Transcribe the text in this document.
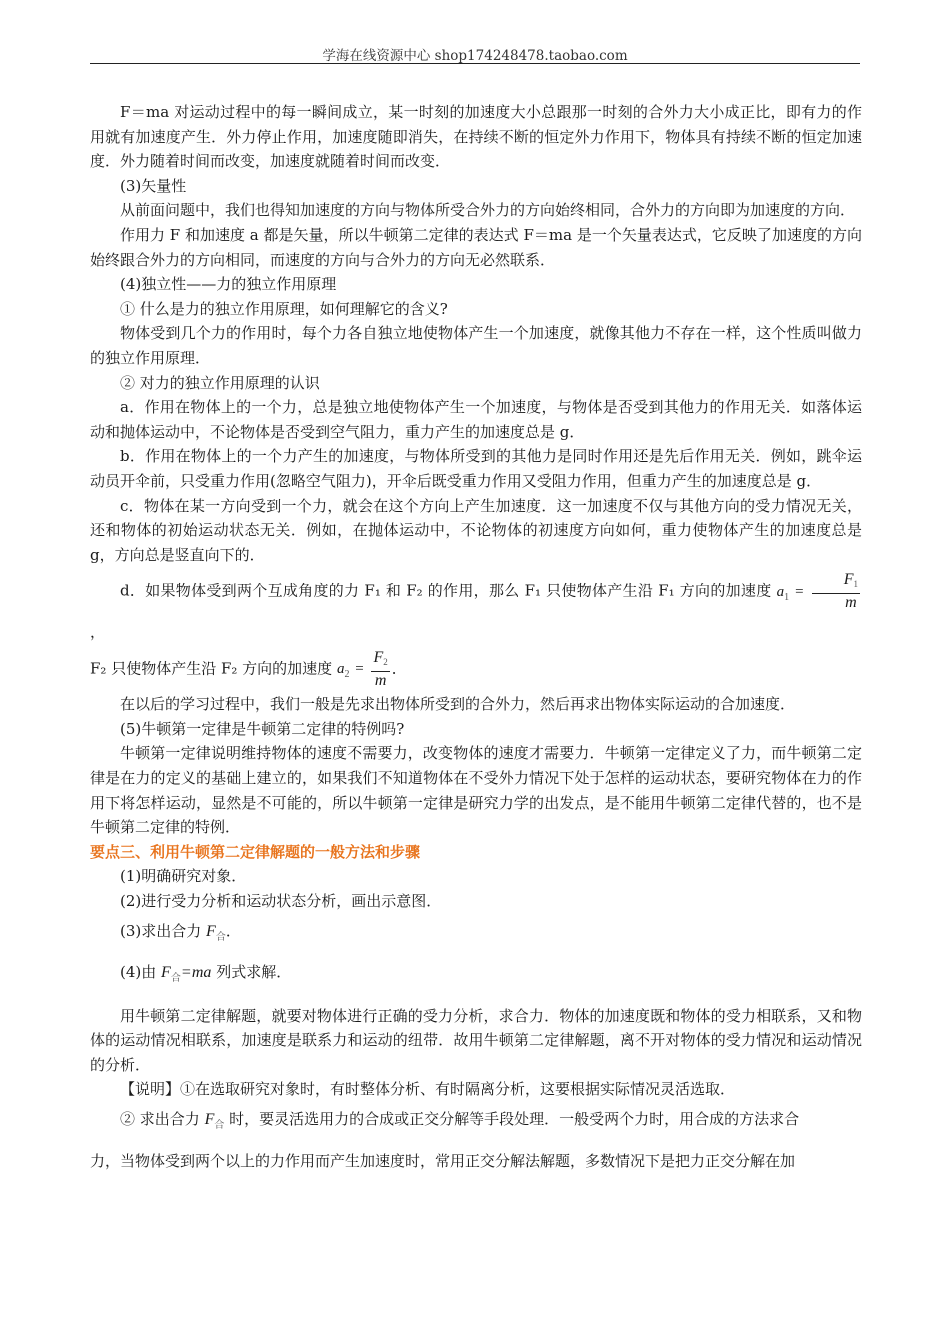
学海在线资源中心 shop174248478.taobao.com

F＝ma 对运动过程中的每一瞬间成立，某一时刻的加速度大小总跟那一时刻的合外力大小成正比，即有力的作用就有加速度产生．外力停止作用，加速度随即消失，在持续不断的恒定外力作用下，物体具有持续不断的恒定加速度．外力随着时间而改变，加速度就随着时间而改变．

(3)矢量性

从前面问题中，我们也得知加速度的方向与物体所受合外力的方向始终相同，合外力的方向即为加速度的方向．

作用力 F 和加速度 a 都是矢量，所以牛顿第二定律的表达式 F＝ma 是一个矢量表达式，它反映了加速度的方向始终跟合外力的方向相同，而速度的方向与合外力的方向无必然联系．

(4)独立性——力的独立作用原理

① 什么是力的独立作用原理，如何理解它的含义?

物体受到几个力的作用时，每个力各自独立地使物体产生一个加速度，就像其他力不存在一样，这个性质叫做力的独立作用原理．

② 对力的独立作用原理的认识

a．作用在物体上的一个力，总是独立地使物体产生一个加速度，与物体是否受到其他力的作用无关．如落体运动和抛体运动中，不论物体是否受到空气阻力，重力产生的加速度总是 g．

b．作用在物体上的一个力产生的加速度，与物体所受到的其他力是同时作用还是先后作用无关．例如，跳伞运动员开伞前，只受重力作用(忽略空气阻力)，开伞后既受重力作用又受阻力作用，但重力产生的加速度总是 g．

c．物体在某一方向受到一个力，就会在这个方向上产生加速度．这一加速度不仅与其他方向的受力情况无关，还和物体的初始运动状态无关．例如，在抛体运动中，不论物体的初速度方向如何，重力使物体产生的加速度总是 g，方向总是竖直向下的．

d．如果物体受到两个互成角度的力 F₁ 和 F₂ 的作用，那么 F₁ 只使物体产生沿 F₁ 方向的加速度 $a_1 = \frac{F_1}{m}$
，

F₂ 只使物体产生沿 F₂ 方向的加速度 $a_2 = \frac{F_2}{m}$ ．

在以后的学习过程中，我们一般是先求出物体所受到的合外力，然后再求出物体实际运动的合加速度．

(5)牛顿第一定律是牛顿第二定律的特例吗?

牛顿第一定律说明维持物体的速度不需要力，改变物体的速度才需要力．牛顿第一定律定义了力，而牛顿第二定律是在力的定义的基础上建立的，如果我们不知道物体在不受外力情况下处于怎样的运动状态，要研究物体在力的作用下将怎样运动，显然是不可能的，所以牛顿第一定律是研究力学的出发点，是不能用牛顿第二定律代替的，也不是牛顿第二定律的特例．

要点三、利用牛顿第二定律解题的一般方法和步骤

(1)明确研究对象．

(2)进行受力分析和运动状态分析，画出示意图．

(3)求出合力 $F_合$．

(4)由 $F_合=ma$ 列式求解．

用牛顿第二定律解题，就要对物体进行正确的受力分析，求合力．物体的加速度既和物体的受力相联系，又和物体的运动情况相联系，加速度是联系力和运动的纽带．故用牛顿第二定律解题，离不开对物体的受力情况和运动情况的分析．

【说明】①在选取研究对象时，有时整体分析、有时隔离分析，这要根据实际情况灵活选取．

② 求出合力 $F_合$ 时，要灵活选用力的合成或正交分解等手段处理．一般受两个力时，用合成的方法求合

力，当物体受到两个以上的力作用而产生加速度时，常用正交分解法解题，多数情况下是把力正交分解在加
